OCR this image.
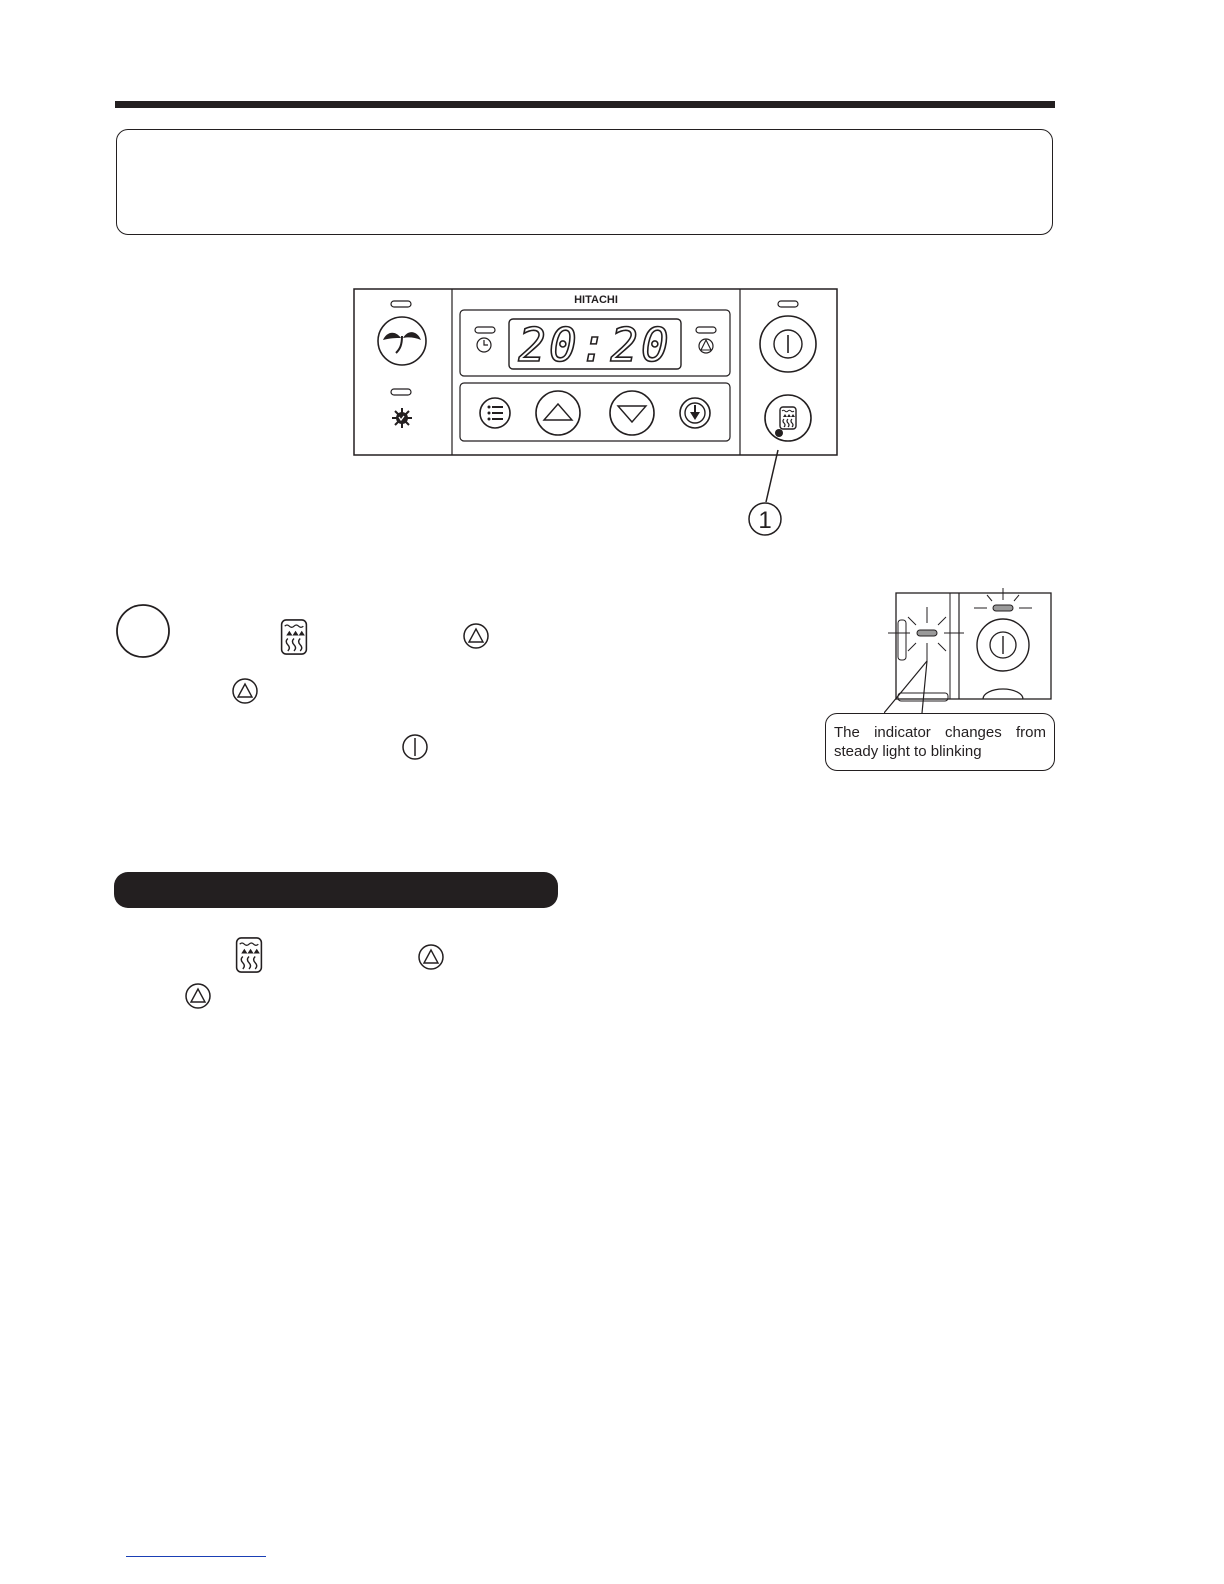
HITACHI
20:20
1
The indicator changes from
steady light to blinking
